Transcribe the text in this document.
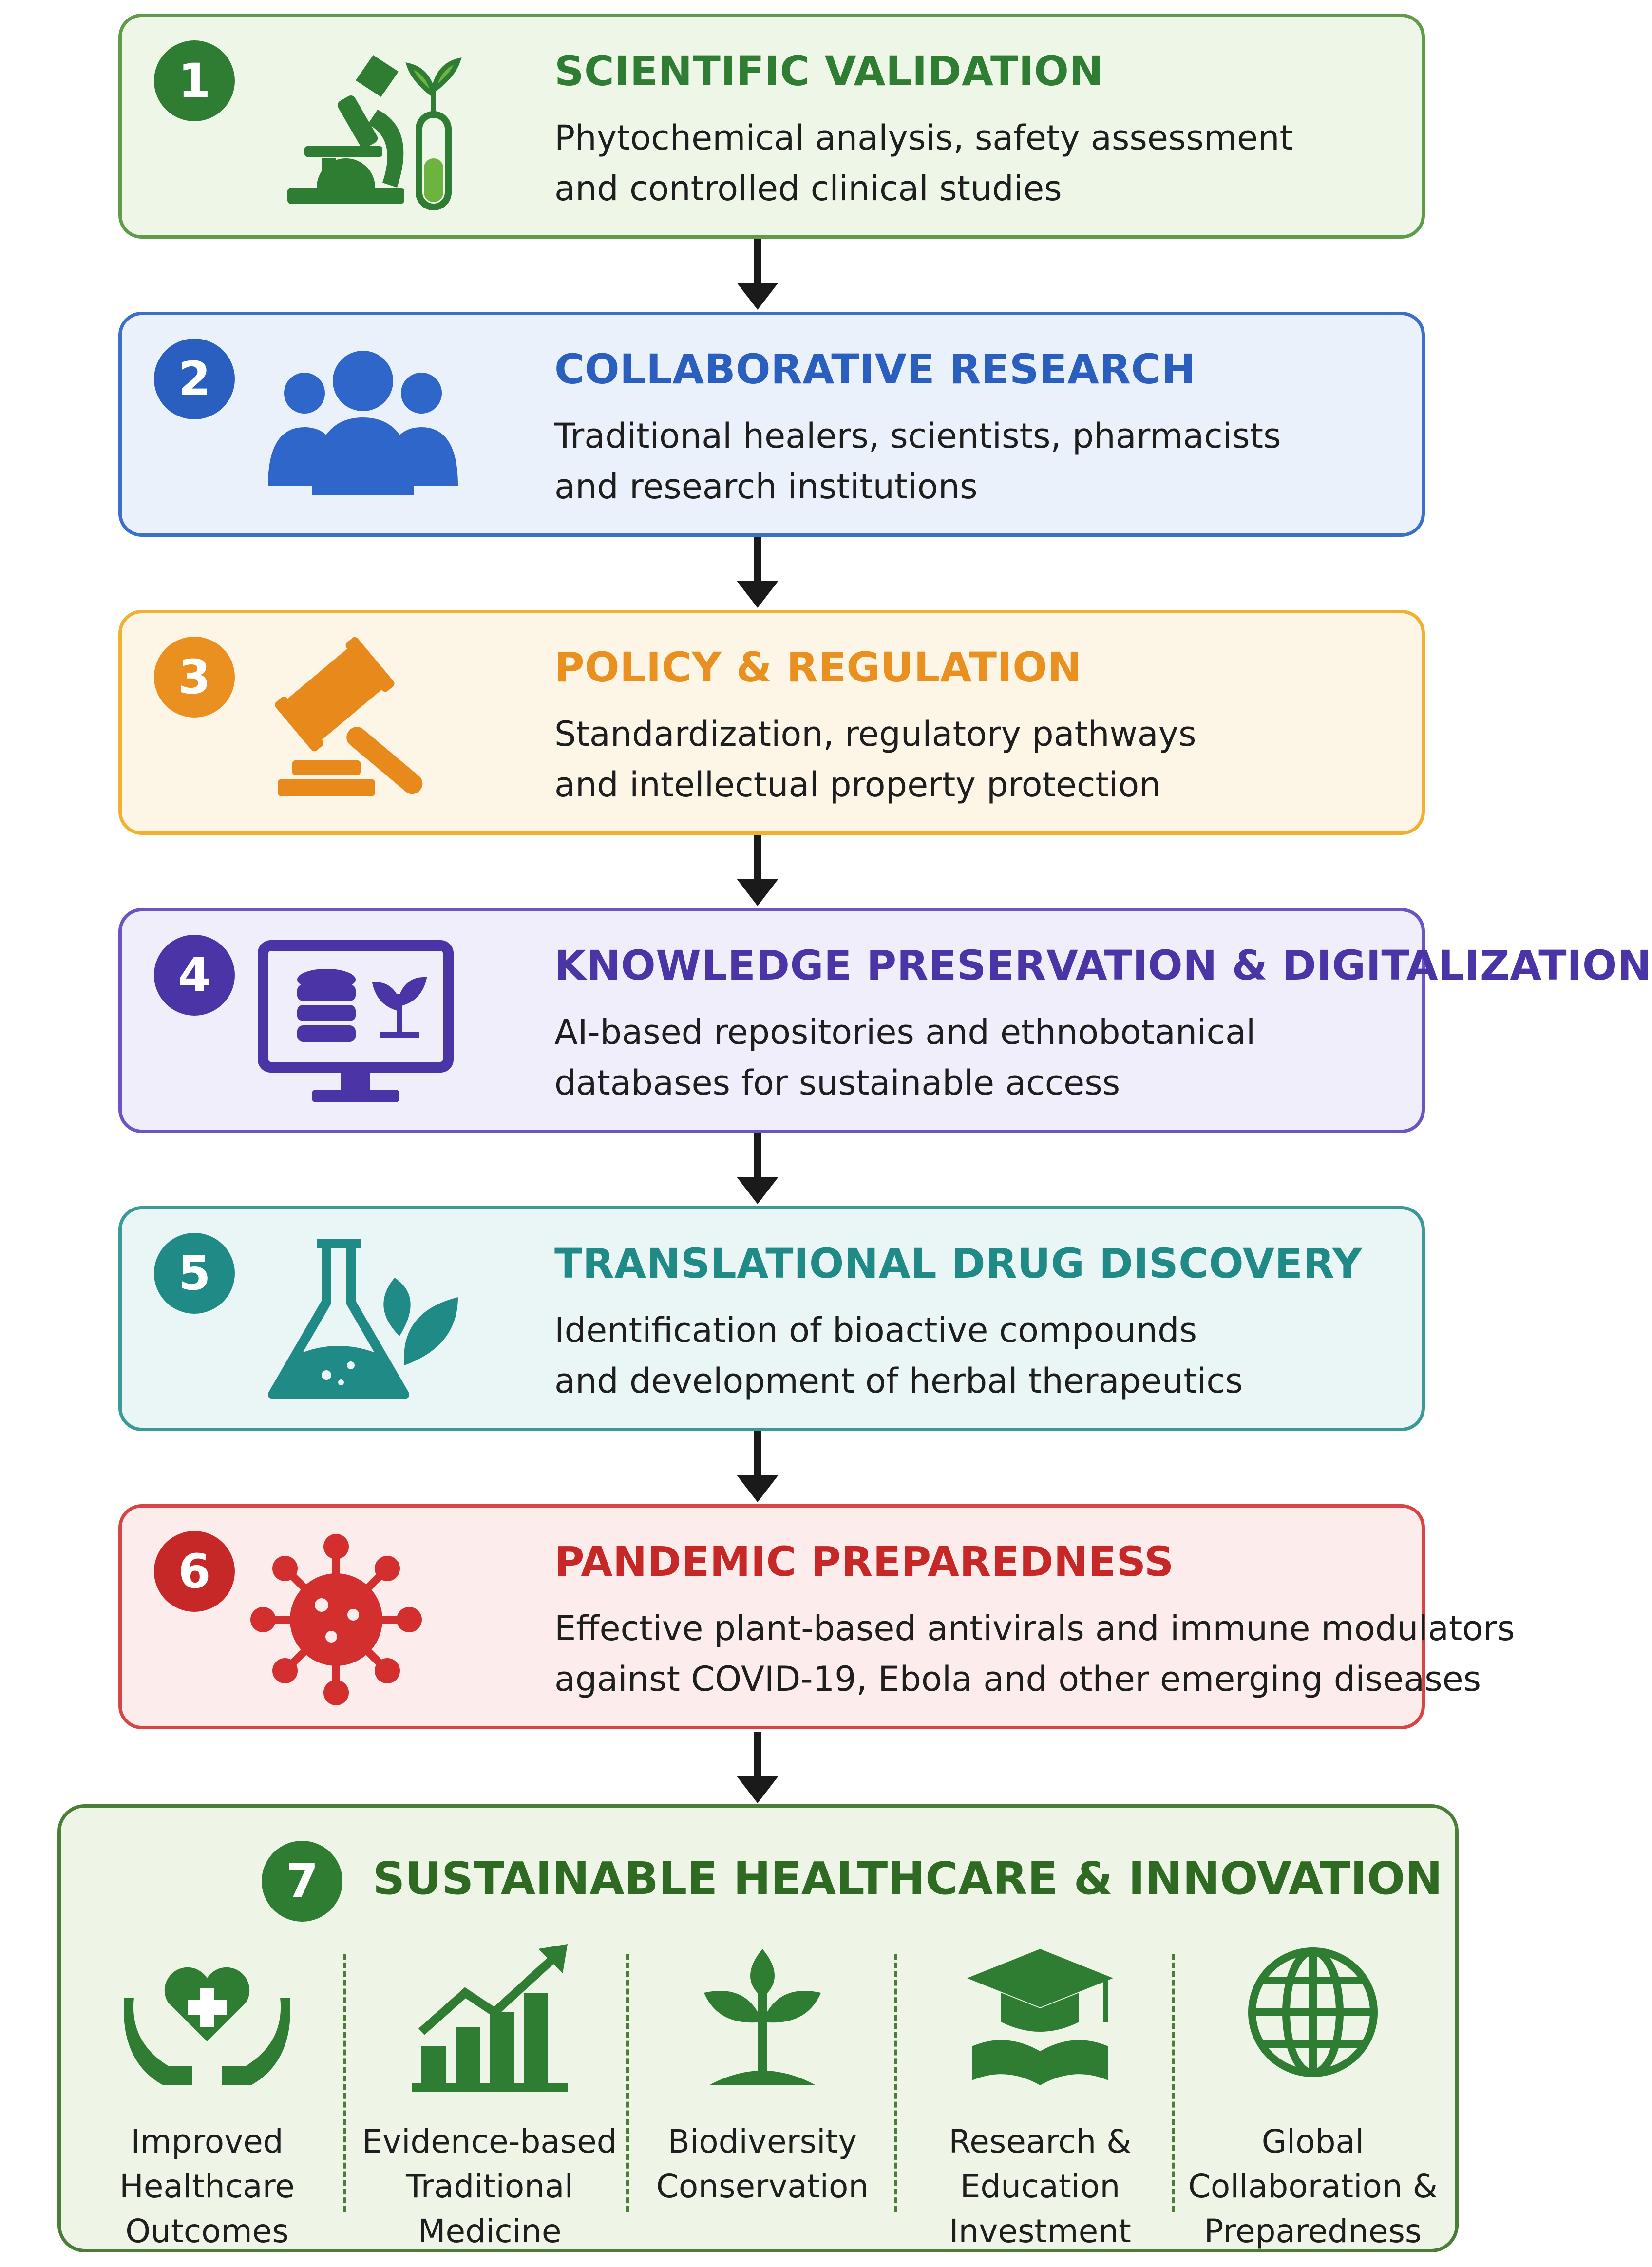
1	SCIENTIFIC VALIDATION
Phytochemical analysis, safety assessment
and controlled clinical studies
2	COLLABORATIVE RESEARCH
Traditional healers, scientists, pharmacists
and research institutions
3	POLICY & REGULATION
Standardization, regulatory pathways
and intellectual property protection
4	KNOWLEDGE PRESERVATION & DIGITALIZATION
AI-based repositories and ethnobotanical
databases for sustainable access
5	TRANSLATIONAL DRUG DISCOVERY
Identification of bioactive compounds
and development of herbal therapeutics
6	PANDEMIC PREPAREDNESS
Effective plant-based antivirals and immune modulators
against COVID-19, Ebola and other emerging diseases
7	SUSTAINABLE HEALTHCARE & INNOVATION
Improved
Healthcare
Outcomes
Evidence-based
Traditional
Medicine
Biodiversity
Conservation
Research &
Education
Investment
Global
Collaboration &
Preparedness
